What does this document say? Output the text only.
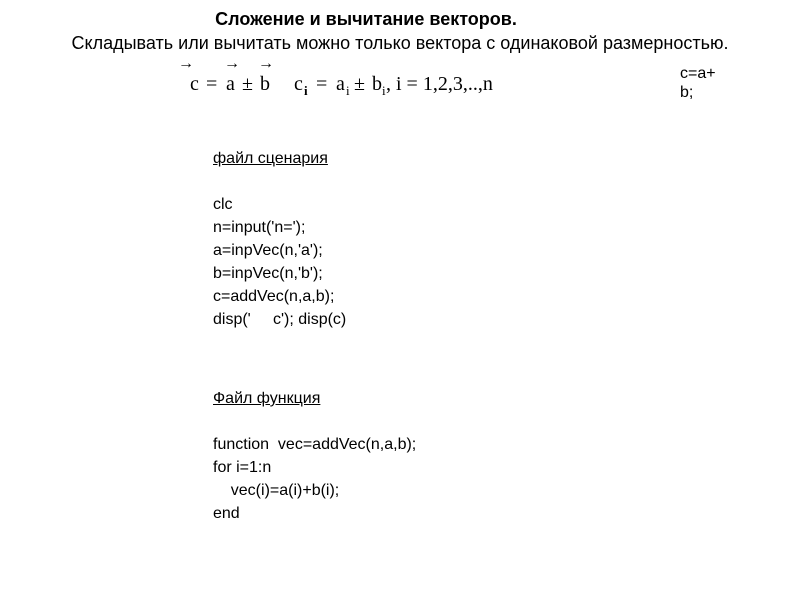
Сложение и вычитание векторов.
Складывать или вычитать можно только вектора с одинаковой размерностью.
→ → →
c = a ± b c i = a i ± b i , i = 1,2,3,..,n	c=a+
b;
файл сценария
clc
n=input('n=');
a=inpVec(n,'a');
b=inpVec(n,'b');
c=addVec(n,a,b);
disp('     c'); disp(c)
Файл функция
function  vec=addVec(n,a,b);
for i=1:n
vec(i)=a(i)+b(i);
end
